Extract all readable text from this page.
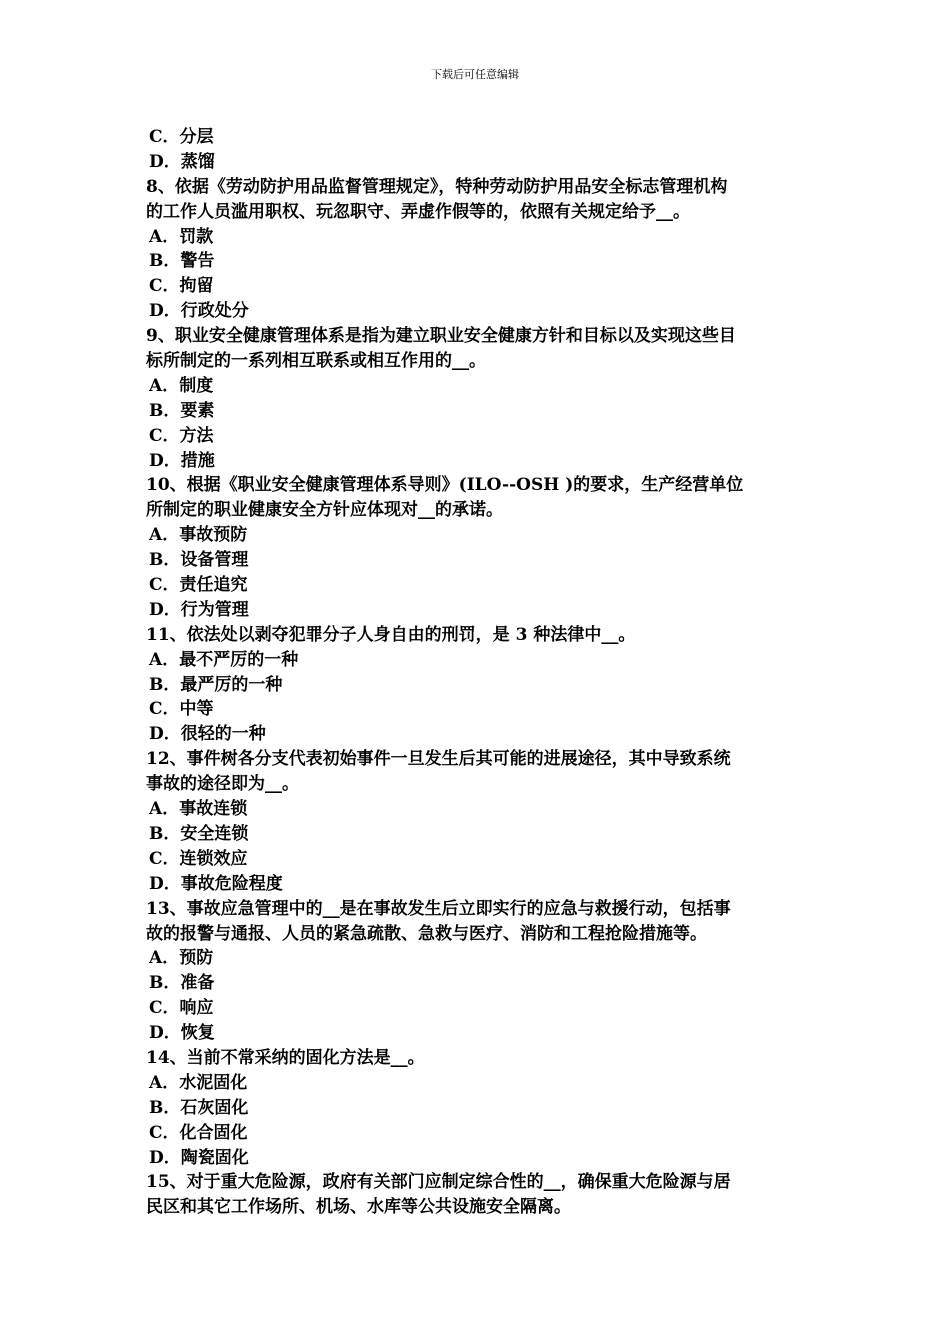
下载后可任意编辑
C．分层
D．蒸馏
8、依据《劳动防护用品监督管理规定》，特种劳动防护用品安全标志管理机构
的工作人员滥用职权、玩忽职守、弄虚作假等的，依照有关规定给予__。
A．罚款
B．警告
C．拘留
D．行政处分
9、职业安全健康管理体系是指为建立职业安全健康方针和目标以及实现这些目
标所制定的一系列相互联系或相互作用的__。
A．制度
B．要素
C．方法
D．措施
10、根据《职业安全健康管理体系导则》(ILO--OSH )的要求，生产经营单位
所制定的职业健康安全方针应体现对__的承诺。
A．事故预防
B．设备管理
C．责任追究
D．行为管理
11、依法处以剥夺犯罪分子人身自由的刑罚，是 3 种法律中__。
A．最不严厉的一种
B．最严厉的一种
C．中等
D．很轻的一种
12、事件树各分支代表初始事件一旦发生后其可能的进展途径，其中导致系统
事故的途径即为__。
A．事故连锁
B．安全连锁
C．连锁效应
D．事故危险程度
13、事故应急管理中的__是在事故发生后立即实行的应急与救援行动，包括事
故的报警与通报、人员的紧急疏散、急救与医疗、消防和工程抢险措施等。
A．预防
B．准备
C．响应
D．恢复
14、当前不常采纳的固化方法是__。
A．水泥固化
B．石灰固化
C．化合固化
D．陶瓷固化
15、对于重大危险源，政府有关部门应制定综合性的__，确保重大危险源与居
民区和其它工作场所、机场、水库等公共设施安全隔离。
